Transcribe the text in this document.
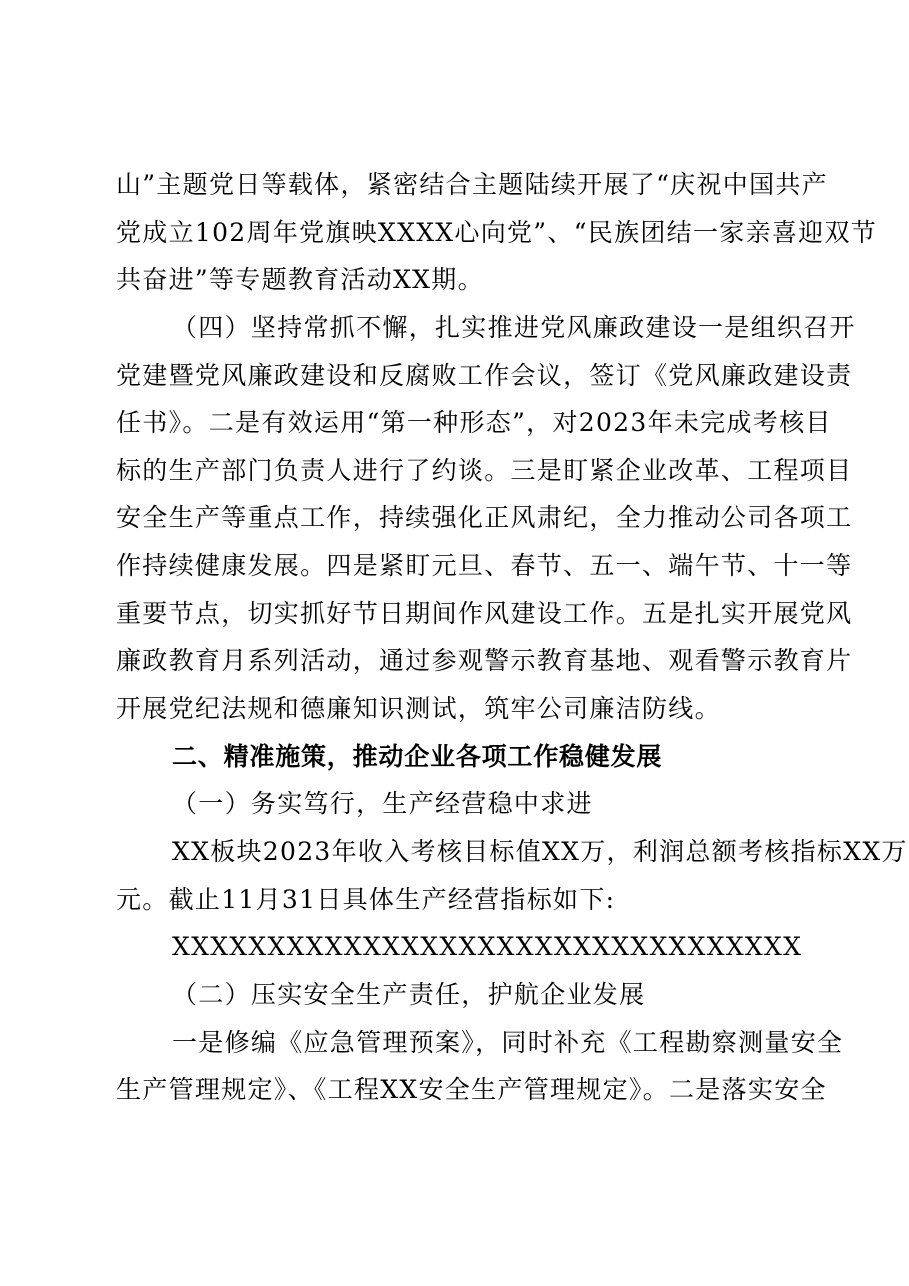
山”主题党日等载体，紧密结合主题陆续开展了“庆祝中国共产
党成立102周年党旗映XXXX心向党”、“民族团结一家亲喜迎双节
共奋进”等专题教育活动XX期。
（四）坚持常抓不懈，扎实推进党风廉政建设一是组织召开
党建暨党风廉政建设和反腐败工作会议，签订《党风廉政建设责
任书》。二是有效运用“第一种形态”，对2023年未完成考核目
标的生产部门负责人进行了约谈。三是盯紧企业改革、工程项目
安全生产等重点工作，持续强化正风肃纪，全力推动公司各项工
作持续健康发展。四是紧盯元旦、春节、五一、端午节、十一等
重要节点，切实抓好节日期间作风建设工作。五是扎实开展党风
廉政教育月系列活动，通过参观警示教育基地、观看警示教育片
开展党纪法规和德廉知识测试，筑牢公司廉洁防线。
二、精准施策，推动企业各项工作稳健发展
（一）务实笃行，生产经营稳中求进
XX板块2023年收入考核目标值XX万，利润总额考核指标XX万
元。截止11月31日具体生产经营指标如下:
XXXXXXXXXXXXXXXXXXXXXXXXXXXXXXXXX
（二）压实安全生产责任，护航企业发展
一是修编《应急管理预案》，同时补充《工程勘察测量安全
生产管理规定》、《工程XX安全生产管理规定》。二是落实安全
